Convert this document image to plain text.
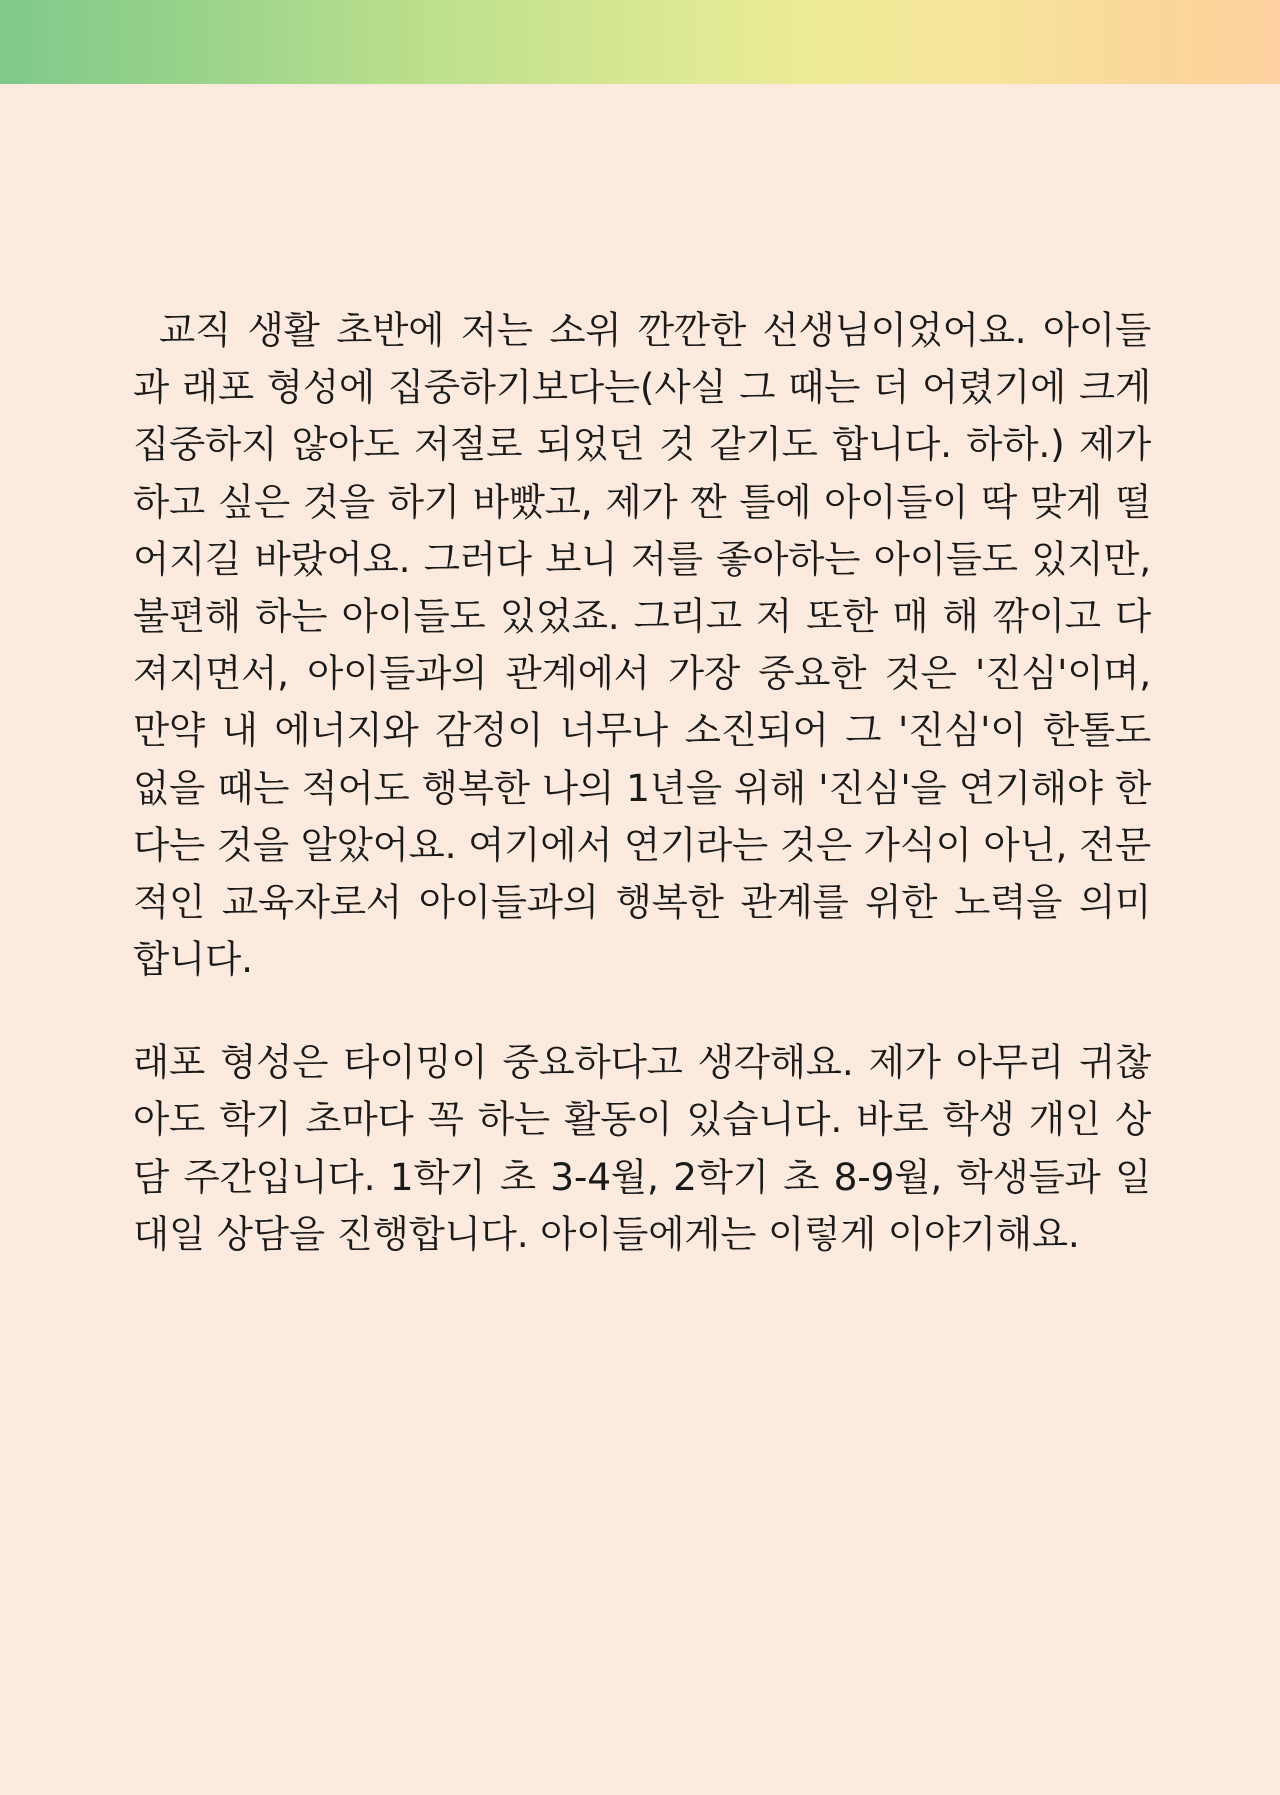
교직 생활 초반에 저는 소위 깐깐한 선생님이었어요. 아이들과 래포 형성에 집중하기보다는(사실 그 때는 더 어렸기에 크게 집중하지 않아도 저절로 되었던 것 같기도 합니다. 하하.) 제가 하고 싶은 것을 하기 바빴고, 제가 짠 틀에 아이들이 딱 맞게 떨어지길 바랐어요. 그러다 보니 저를 좋아하는 아이들도 있지만, 불편해 하는 아이들도 있었죠. 그리고 저 또한 매 해 깎이고 다져지면서, 아이들과의 관계에서 가장 중요한 것은 '진심'이며, 만약 내 에너지와 감정이 너무나 소진되어 그 '진심'이 한톨도 없을 때는 적어도 행복한 나의 1년을 위해 '진심'을 연기해야 한다는 것을 알았어요. 여기에서 연기라는 것은 가식이 아닌, 전문적인 교육자로서 아이들과의 행복한 관계를 위한 노력을 의미합니다.

래포 형성은 타이밍이 중요하다고 생각해요. 제가 아무리 귀찮아도 학기 초마다 꼭 하는 활동이 있습니다. 바로 학생 개인 상담 주간입니다. 1학기 초 3-4월, 2학기 초 8-9월, 학생들과 일대일 상담을 진행합니다. 아이들에게는 이렇게 이야기해요.
